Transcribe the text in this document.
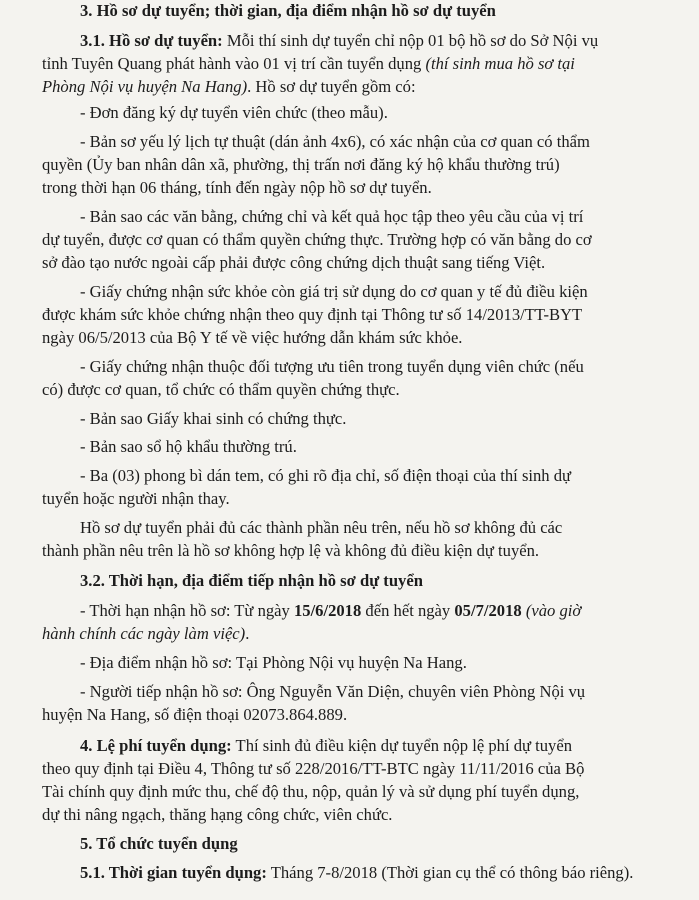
3. Hồ sơ dự tuyển; thời gian, địa điểm nhận hồ sơ dự tuyển
3.1. Hồ sơ dự tuyển: Mỗi thí sinh dự tuyển chỉ nộp 01 bộ hồ sơ do Sở Nội vụ
tỉnh Tuyên Quang phát hành vào 01 vị trí cần tuyển dụng (thí sinh mua hồ sơ tại
Phòng Nội vụ huyện Na Hang). Hồ sơ dự tuyển gồm có:
- Đơn đăng ký dự tuyển viên chức (theo mẫu).
- Bản sơ yếu lý lịch tự thuật (dán ảnh 4x6), có xác nhận của cơ quan có thẩm
quyền (Ủy ban nhân dân xã, phường, thị trấn nơi đăng ký hộ khẩu thường trú)
trong thời hạn 06 tháng, tính đến ngày nộp hồ sơ dự tuyển.
- Bản sao các văn bằng, chứng chỉ và kết quả học tập theo yêu cầu của vị trí
dự tuyển, được cơ quan có thẩm quyền chứng thực. Trường hợp có văn bằng do cơ
sở đào tạo nước ngoài cấp phải được công chứng dịch thuật sang tiếng Việt.
- Giấy chứng nhận sức khỏe còn giá trị sử dụng do cơ quan y tế đủ điều kiện
được khám sức khỏe chứng nhận theo quy định tại Thông tư số 14/2013/TT-BYT
ngày 06/5/2013 của Bộ Y tế về việc hướng dẫn khám sức khỏe.
- Giấy chứng nhận thuộc đối tượng ưu tiên trong tuyển dụng viên chức (nếu
có) được cơ quan, tổ chức có thẩm quyền chứng thực.
- Bản sao Giấy khai sinh có chứng thực.
- Bản sao sổ hộ khẩu thường trú.
- Ba (03) phong bì dán tem, có ghi rõ địa chỉ, số điện thoại của thí sinh dự
tuyển hoặc người nhận thay.
Hồ sơ dự tuyển phải đủ các thành phần nêu trên, nếu hồ sơ không đủ các
thành phần nêu trên là hồ sơ không hợp lệ và không đủ điều kiện dự tuyển.
3.2. Thời hạn, địa điểm tiếp nhận hồ sơ dự tuyển
- Thời hạn nhận hồ sơ: Từ ngày 15/6/2018 đến hết ngày 05/7/2018 (vào giờ
hành chính các ngày làm việc).
- Địa điểm nhận hồ sơ: Tại Phòng Nội vụ huyện Na Hang.
- Người tiếp nhận hồ sơ: Ông Nguyễn Văn Diện, chuyên viên Phòng Nội vụ
huyện Na Hang, số điện thoại 02073.864.889.
4. Lệ phí tuyển dụng: Thí sinh đủ điều kiện dự tuyển nộp lệ phí dự tuyển
theo quy định tại Điều 4, Thông tư số 228/2016/TT-BTC ngày 11/11/2016 của Bộ
Tài chính quy định mức thu, chế độ thu, nộp, quản lý và sử dụng phí tuyển dụng,
dự thi nâng ngạch, thăng hạng công chức, viên chức.
5. Tổ chức tuyển dụng
5.1. Thời gian tuyển dụng: Tháng 7-8/2018 (Thời gian cụ thể có thông báo riêng).
